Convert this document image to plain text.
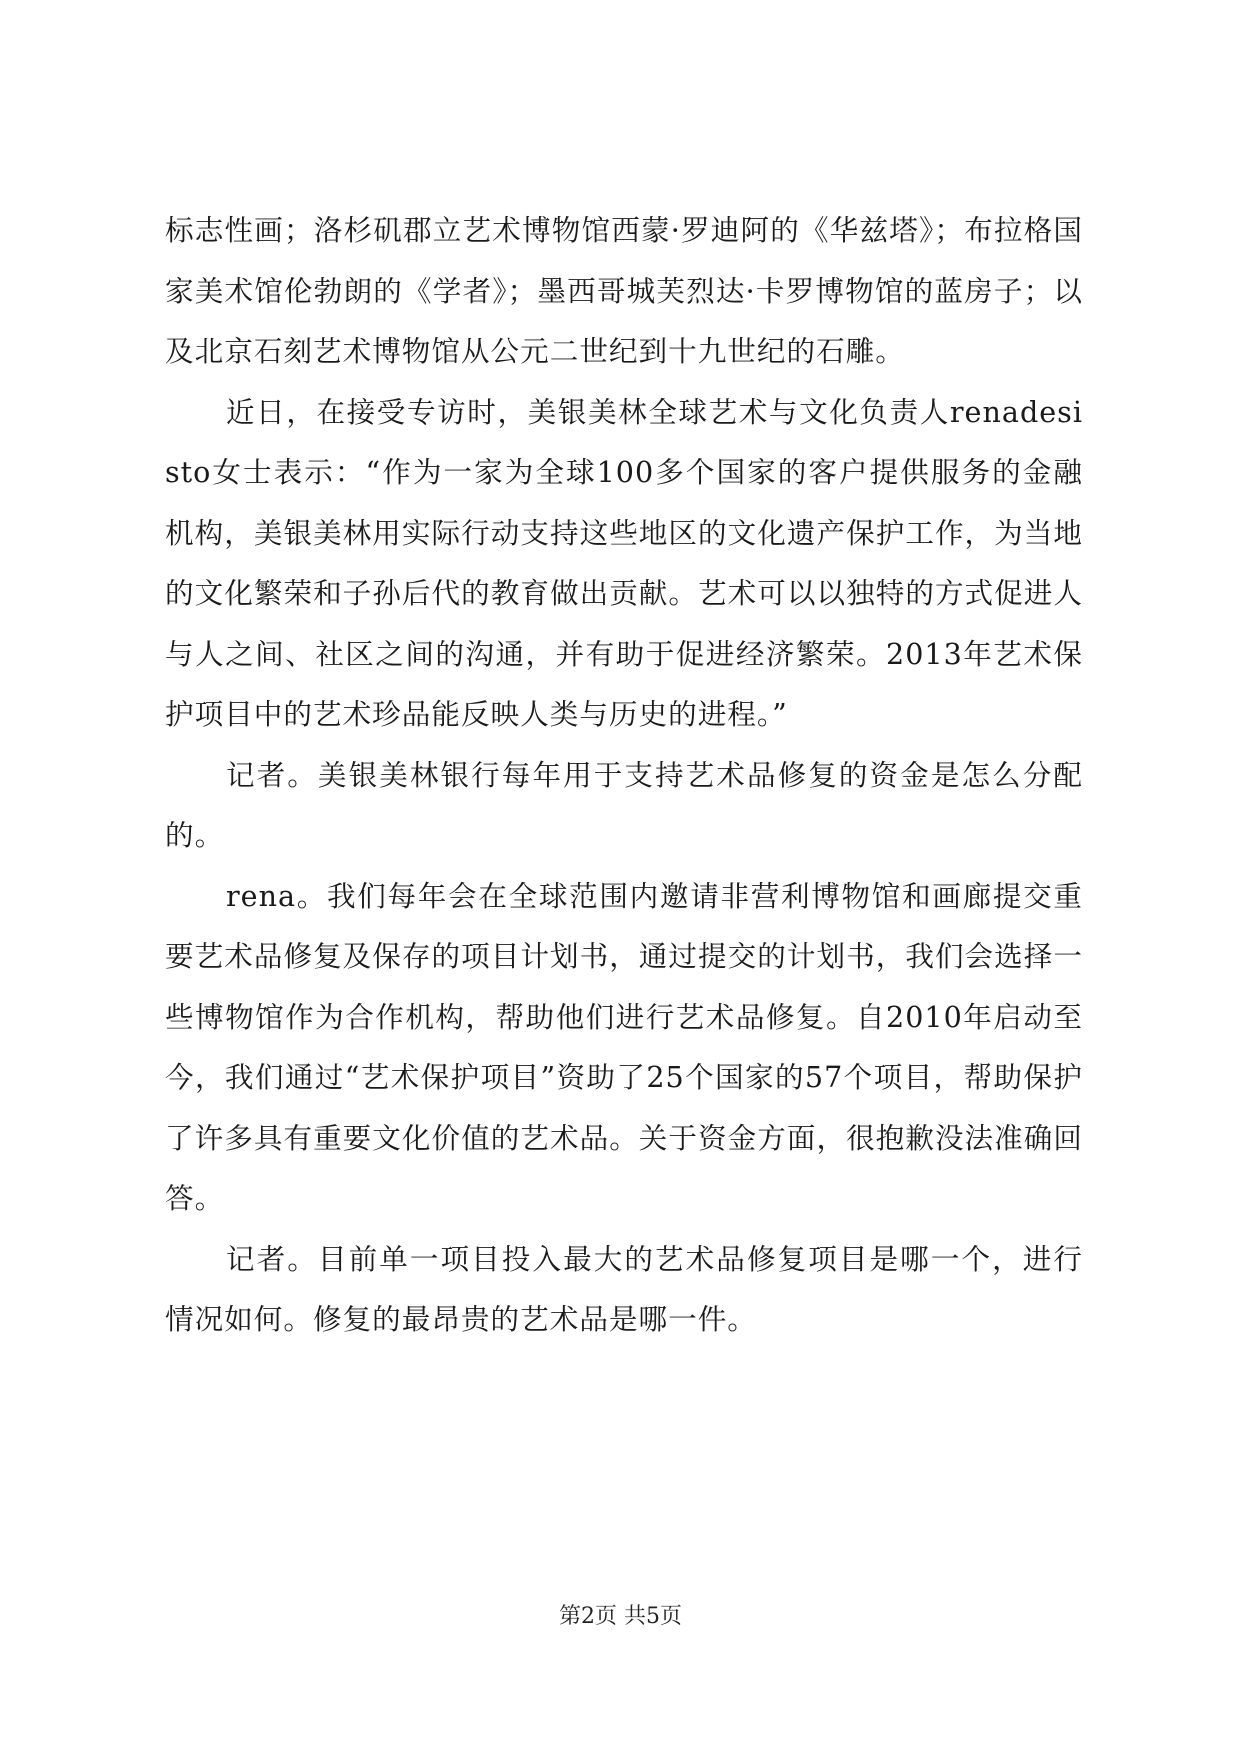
标志性画；洛杉矶郡立艺术博物馆西蒙·罗迪阿的《华兹塔》；布拉格国家美术馆伦勃朗的《学者》；墨西哥城芙烈达·卡罗博物馆的蓝房子；以及北京石刻艺术博物馆从公元二世纪到十九世纪的石雕。

近日，在接受专访时，美银美林全球艺术与文化负责人renadesisto女士表示：“作为一家为全球100多个国家的客户提供服务的金融机构，美银美林用实际行动支持这些地区的文化遗产保护工作，为当地的文化繁荣和子孙后代的教育做出贡献。艺术可以以独特的方式促进人与人之间、社区之间的沟通，并有助于促进经济繁荣。2013年艺术保护项目中的艺术珍品能反映人类与历史的进程。”

记者。美银美林银行每年用于支持艺术品修复的资金是怎么分配的。

rena。我们每年会在全球范围内邀请非营利博物馆和画廊提交重要艺术品修复及保存的项目计划书，通过提交的计划书，我们会选择一些博物馆作为合作机构，帮助他们进行艺术品修复。自2010年启动至今，我们通过“艺术保护项目”资助了25个国家的57个项目，帮助保护了许多具有重要文化价值的艺术品。关于资金方面，很抱歉没法准确回答。

记者。目前单一项目投入最大的艺术品修复项目是哪一个，进行情况如何。修复的最昂贵的艺术品是哪一件。

第2页 共5页
